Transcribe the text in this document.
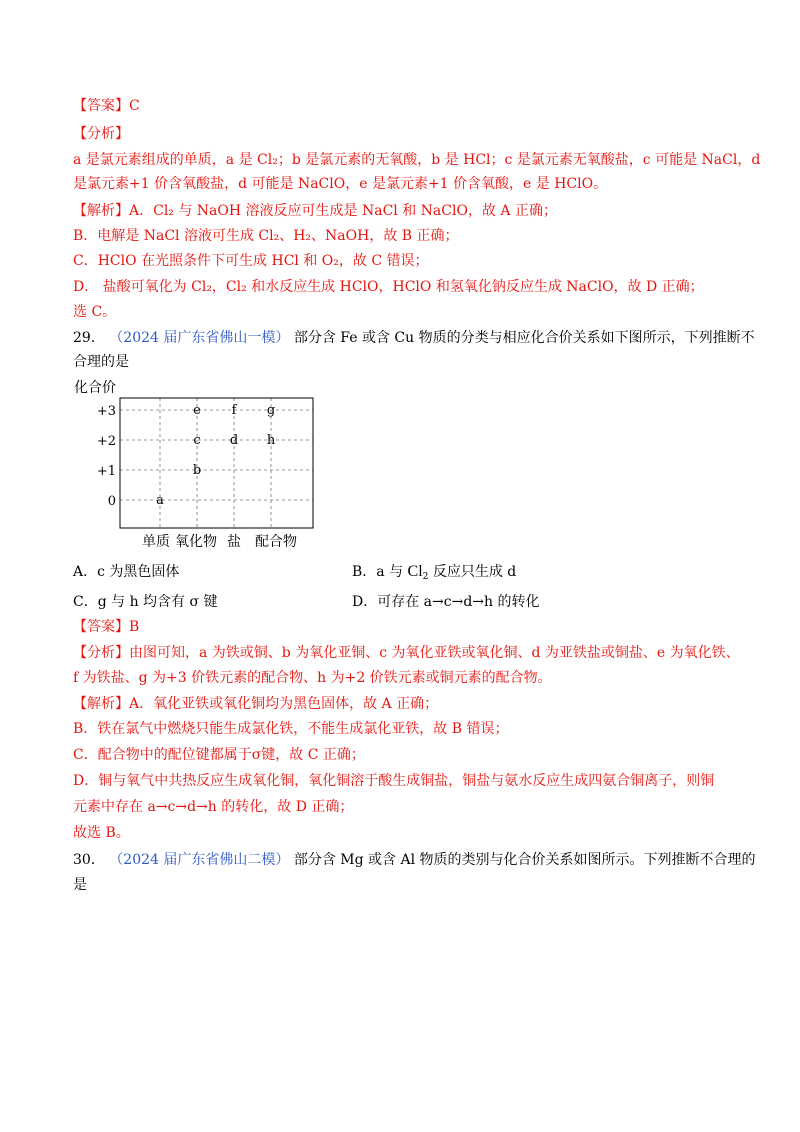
【答案】C
【分析】
a 是氯元素组成的单质，a 是 Cl₂；b 是氯元素的无氧酸，b 是 HCl；c 是氯元素无氧酸盐，c 可能是 NaCl，d
是氯元素+1 价含氧酸盐，d 可能是 NaClO，e 是氯元素+1 价含氧酸，e 是 HClO。
【解析】A．Cl₂ 与 NaOH 溶液反应可生成是 NaCl 和 NaClO，故 A 正确；
B．电解是 NaCl 溶液可生成 Cl₂、H₂、NaOH，故 B 正确；
C．HClO 在光照条件下可生成 HCl 和 O₂，故 C 错误；
D． 盐酸可氧化为 Cl₂，Cl₂ 和水反应生成 HClO，HClO 和氢氧化钠反应生成 NaClO，故 D 正确；
选 C。
29． （2024 届广东省佛山一模） 部分含 Fe 或含 Cu 物质的分类与相应化合价关系如下图所示，下列推断不
合理的是
化合价
+3
+2
+1
0
单质 氧化物 盐 配合物
a
b
c
e
d
f g
h
A．c 为黑色固体	B．a 与 $Cl_2$ 反应只生成 d
C．g 与 h 均含有 σ 键	D．可存在 a→c→d→h 的转化
【答案】B
【分析】由图可知，a 为铁或铜、b 为氧化亚铜、c 为氧化亚铁或氧化铜、d 为亚铁盐或铜盐、e 为氧化铁、
f 为铁盐、g 为+3 价铁元素的配合物、h 为+2 价铁元素或铜元素的配合物。
【解析】A．氧化亚铁或氧化铜均为黑色固体，故 A 正确；
B．铁在氯气中燃烧只能生成氯化铁，不能生成氯化亚铁，故 B 错误；
C．配合物中的配位键都属于σ键，故 C 正确；
D．铜与氧气中共热反应生成氧化铜，氧化铜溶于酸生成铜盐，铜盐与氨水反应生成四氨合铜离子，则铜
元素中存在 a→c→d→h 的转化，故 D 正确；
故选 B。
30． （2024 届广东省佛山二模） 部分含 Mg 或含 Al 物质的类别与化合价关系如图所示。下列推断不合理的
是
